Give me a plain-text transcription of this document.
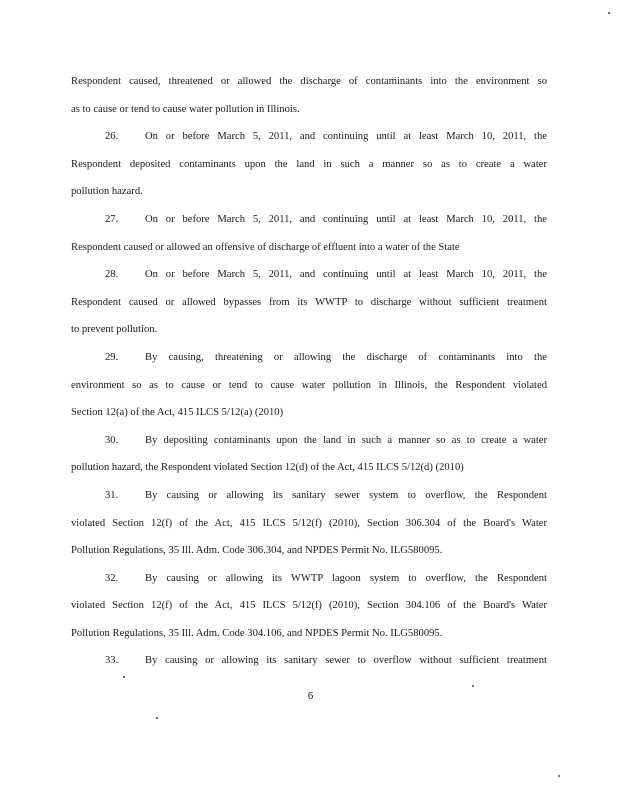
Respondent caused, threatened or allowed the discharge of contaminants into the environment so
as to cause or tend to cause water pollution in Illinois.
26.	On or before March 5, 2011, and continuing until at least March 10, 2011, the
Respondent deposited contaminants upon the land in such a manner so as to create a water
pollution hazard.
27.	On or before March 5, 2011, and continuing until at least March 10, 2011, the
Respondent caused or allowed an offensive of discharge of effluent into a water of the State
28.	On or before March 5, 2011, and continuing until at least March 10, 2011, the
Respondent caused or allowed bypasses from its WWTP to discharge without sufficient treatment
to prevent pollution.
29.	By causing, threatening or allowing the discharge of contaminants into the
environment so as to cause or tend to cause water pollution in Illinois, the Respondent violated
Section 12(a) of the Act, 415 ILCS 5/12(a) (2010)
30.	By depositing contaminants upon the land in such a manner so as to create a water
pollution hazard, the Respondent violated Section 12(d) of the Act, 415 ILCS 5/12(d) (2010)
31.	By causing or allowing its sanitary sewer system to overflow, the Respondent
violated Section 12(f) of the Act, 415 ILCS 5/12(f) (2010), Section 306.304 of the Board's Water
Pollution Regulations, 35 Ill. Adm. Code 306.304, and NPDES Permit No. ILG580095.
32.	By causing or allowing its WWTP lagoon system to overflow, the Respondent
violated Section 12(f) of the Act, 415 ILCS 5/12(f) (2010), Section 304.106 of the Board's Water
Pollution Regulations, 35 Ill. Adm. Code 304.106, and NPDES Permit No. ILG580095.
33.	By causing or allowing its sanitary sewer to overflow without sufficient treatment
6
